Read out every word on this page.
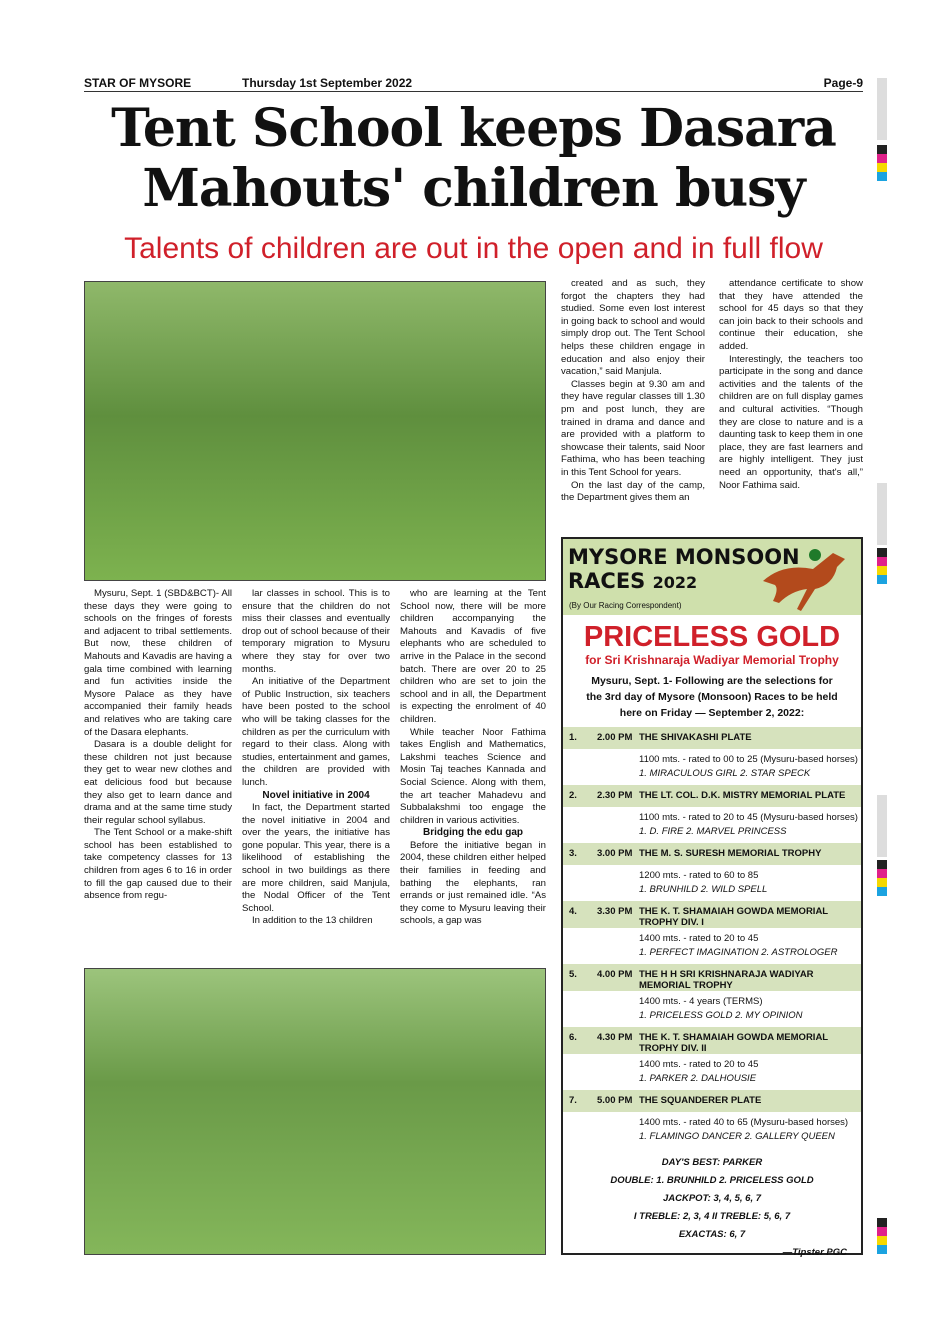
STAR OF MYSORE	Thursday 1st September 2022	Page-9
Tent School keeps Dasara
Mahouts' children busy
Talents of children are out in the open and in full flow

Mysuru, Sept. 1 (SBD&BCT)- All these days they were going to schools on the fringes of forests and adjacent to tribal settlements. But now, these children of Mahouts and Kavadis are having a gala time combined with learning and fun activities inside the Mysore Palace as they have accompanied their family heads and relatives who are taking care of the Dasara elephants.

Dasara is a double delight for these children not just because they get to wear new clothes and eat delicious food but because they also get to learn dance and drama and at the same time study their regular school syllabus.

The Tent School or a make-shift school has been established to take competency classes for 13 children from ages 6 to 16 in order to fill the gap caused due to their absence from regu-

lar classes in school. This is to ensure that the children do not miss their classes and eventually drop out of school because of their temporary migration to Mysuru where they stay for over two months.

An initiative of the Department of Public Instruction, six teachers have been posted to the school who will be taking classes for the children as per the curriculum with regard to their class. Along with studies, entertainment and games, the children are provided with lunch.

Novel initiative in 2004

In fact, the Department started the novel initiative in 2004 and over the years, the initiative has gone popular. This year, there is a likelihood of establishing the school in two buildings as there are more children, said Manjula, the Nodal Officer of the Tent School.

In addition to the 13 children

who are learning at the Tent School now, there will be more children accompanying the Mahouts and Kavadis of five elephants who are scheduled to arrive in the Palace in the second batch. There are over 20 to 25 children who are set to join the school and in all, the Department is expecting the enrolment of 40 children.

While teacher Noor Fathima takes English and Mathematics, Lakshmi teaches Science and Mosin Taj teaches Kannada and Social Science. Along with them, the art teacher Mahadevu and Subbalakshmi too engage the children in various activities.

Bridging the edu gap

Before the initiative began in 2004, these children either helped their families in feeding and bathing the elephants, ran errands or just remained idle. “As they come to Mysuru leaving their schools, a gap was

created and as such, they forgot the chapters they had studied. Some even lost interest in going back to school and would simply drop out. The Tent School helps these children engage in education and also enjoy their vacation,” said Manjula.

Classes begin at 9.30 am and they have regular classes till 1.30 pm and post lunch, they are trained in drama and dance and are provided with a platform to showcase their talents, said Noor Fathima, who has been teaching in this Tent School for years.

On the last day of the camp, the Department gives them an

attendance certificate to show that they have attended the school for 45 days so that they can join back to their schools and continue their education, she added.

Interestingly, the teachers too participate in the song and dance activities and the talents of the children are on full display games and cultural activities. “Though they are close to nature and is a daunting task to keep them in one place, they are fast learners and are highly intelligent. They just need an opportunity, that's all,” Noor Fathima said.

MYSORE MONSOON
RACES 2022
(By Our Racing Correspondent)
PRICELESS GOLD
for Sri Krishnaraja Wadiyar Memorial Trophy
Mysuru, Sept. 1- Following are the selections for the 3rd day of Mysore (Monsoon) Races to be held here on Friday — September 2, 2022:
1. 2.00 PM THE SHIVAKASHI PLATE
1100 mts. - rated to 00 to 25 (Mysuru-based horses)
1. MIRACULOUS GIRL 2. STAR SPECK
2. 2.30 PM THE LT. COL. D.K. MISTRY MEMORIAL PLATE
1100 mts. - rated to 20 to 45 (Mysuru-based horses)
1. D. FIRE 2. MARVEL PRINCESS
3. 3.00 PM THE M. S. SURESH MEMORIAL TROPHY
1200 mts. - rated to 60 to 85
1. BRUNHILD 2. WILD SPELL
4. 3.30 PM THE K. T. SHAMAIAH GOWDA MEMORIAL TROPHY DIV. I
1400 mts. - rated to 20 to 45
1. PERFECT IMAGINATION 2. ASTROLOGER
5. 4.00 PM THE H H SRI KRISHNARAJA WADIYAR MEMORIAL TROPHY
1400 mts. - 4 years (TERMS)
1. PRICELESS GOLD 2. MY OPINION
6. 4.30 PM THE K. T. SHAMAIAH GOWDA MEMORIAL TROPHY DIV. II
1400 mts. - rated to 20 to 45
1. PARKER 2. DALHOUSIE
7. 5.00 PM THE SQUANDERER PLATE
1400 mts. - rated 40 to 65 (Mysuru-based horses)
1. FLAMINGO DANCER 2. GALLERY QUEEN
DAY'S BEST: PARKER
DOUBLE: 1. BRUNHILD 2. PRICELESS GOLD
JACKPOT: 3, 4, 5, 6, 7
I TREBLE: 2, 3, 4 II TREBLE: 5, 6, 7
EXACTAS: 6, 7
—Tipster PGC
